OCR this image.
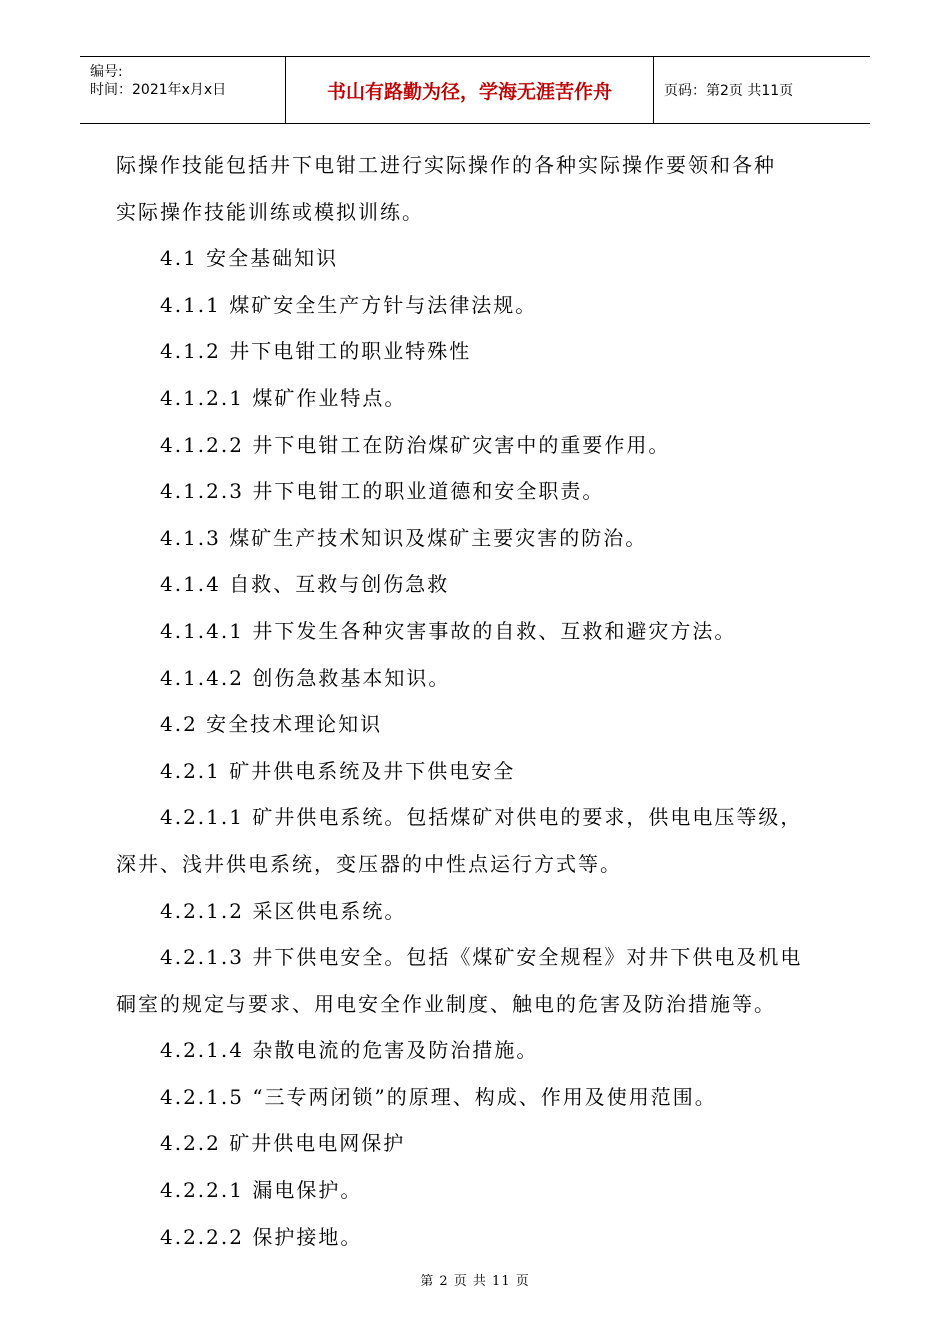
编号:
时间：2021年x月x日	书山有路勤为径，学海无涯苦作舟	页码：第2页 共11页

际操作技能包括井下电钳工进行实际操作的各种实际操作要领和各种

实际操作技能训练或模拟训练。

4.1 安全基础知识

4.1.1 煤矿安全生产方针与法律法规。

4.1.2 井下电钳工的职业特殊性

4.1.2.1 煤矿作业特点。

4.1.2.2 井下电钳工在防治煤矿灾害中的重要作用。

4.1.2.3 井下电钳工的职业道德和安全职责。

4.1.3 煤矿生产技术知识及煤矿主要灾害的防治。

4.1.4 自救、互救与创伤急救

4.1.4.1 井下发生各种灾害事故的自救、互救和避灾方法。

4.1.4.2 创伤急救基本知识。

4.2 安全技术理论知识

4.2.1 矿井供电系统及井下供电安全

4.2.1.1 矿井供电系统。包括煤矿对供电的要求，供电电压等级，

深井、浅井供电系统，变压器的中性点运行方式等。

4.2.1.2 采区供电系统。

4.2.1.3 井下供电安全。包括《煤矿安全规程》对井下供电及机电

硐室的规定与要求、用电安全作业制度、触电的危害及防治措施等。

4.2.1.4 杂散电流的危害及防治措施。

4.2.1.5 “三专两闭锁”的原理、构成、作用及使用范围。

4.2.2 矿井供电电网保护

4.2.2.1 漏电保护。

4.2.2.2 保护接地。

第 2 页 共 11 页
